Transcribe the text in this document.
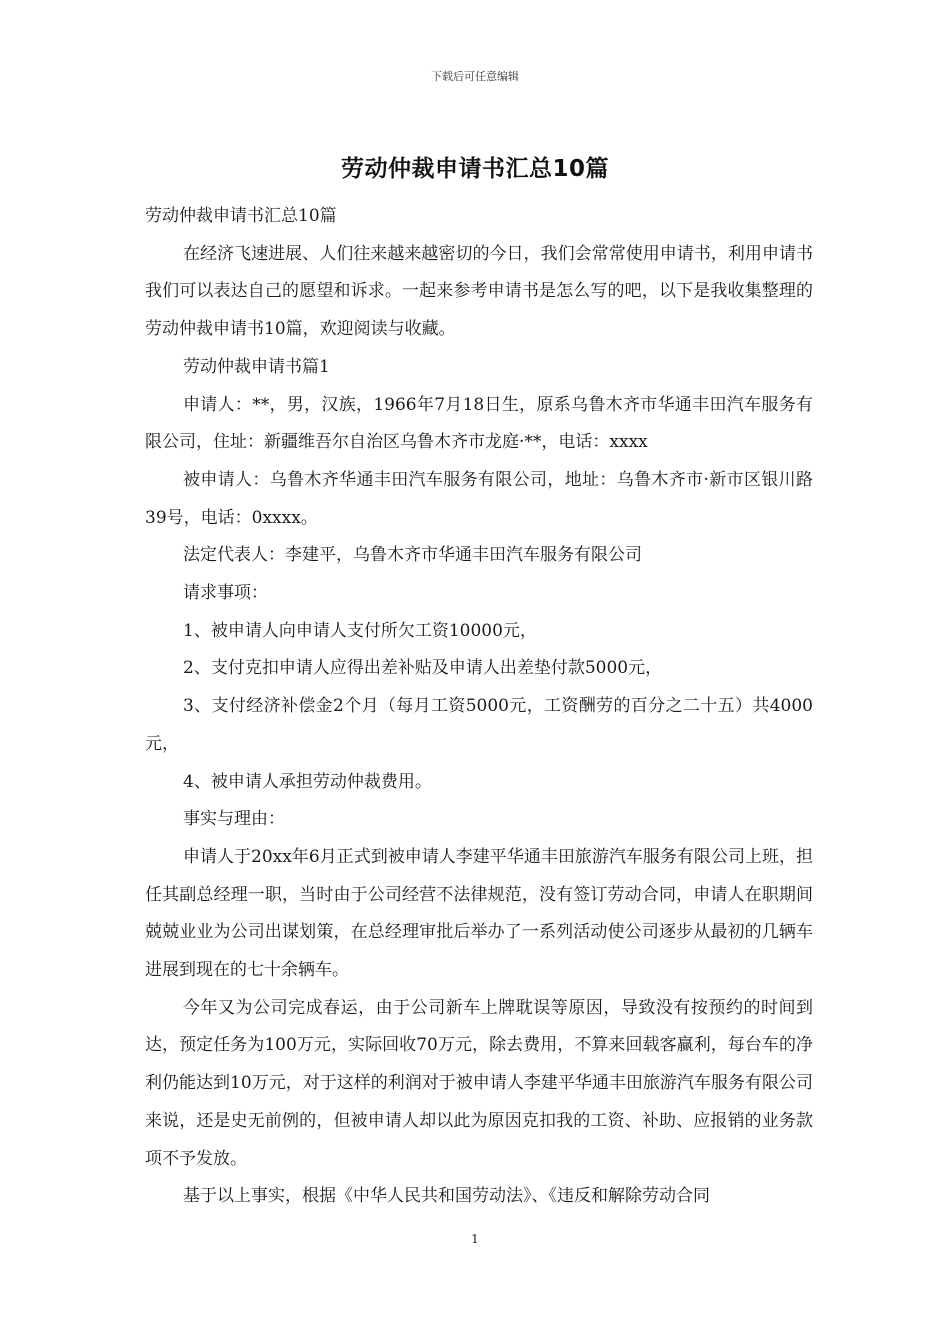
下载后可任意编辑
劳动仲裁申请书汇总10篇

劳动仲裁申请书汇总10篇

在经济飞速进展、人们往来越来越密切的今日，我们会常常使用申请书，利用申请书我们可以表达自己的愿望和诉求。一起来参考申请书是怎么写的吧，以下是我收集整理的劳动仲裁申请书10篇，欢迎阅读与收藏。

劳动仲裁申请书篇1

申请人：**，男，汉族，1966年7月18日生，原系乌鲁木齐市华通丰田汽车服务有限公司，住址：新疆维吾尔自治区乌鲁木齐市龙庭·**，电话：xxxx

被申请人：乌鲁木齐华通丰田汽车服务有限公司，地址：乌鲁木齐市·新市区银川路39号，电话：0xxxx。

法定代表人：李建平，乌鲁木齐市华通丰田汽车服务有限公司

请求事项：

1、被申请人向申请人支付所欠工资10000元，

2、支付克扣申请人应得出差补贴及申请人出差垫付款5000元，

3、支付经济补偿金2个月（每月工资5000元，工资酬劳的百分之二十五）共4000元，

4、被申请人承担劳动仲裁费用。

事实与理由：

申请人于20xx年6月正式到被申请人李建平华通丰田旅游汽车服务有限公司上班，担任其副总经理一职，当时由于公司经营不法律规范，没有签订劳动合同，申请人在职期间兢兢业业为公司出谋划策，在总经理审批后举办了一系列活动使公司逐步从最初的几辆车进展到现在的七十余辆车。

今年又为公司完成春运，由于公司新车上牌耽误等原因，导致没有按预约的时间到达，预定任务为100万元，实际回收70万元，除去费用，不算来回载客赢利，每台车的净利仍能达到10万元，对于这样的利润对于被申请人李建平华通丰田旅游汽车服务有限公司来说，还是史无前例的，但被申请人却以此为原因克扣我的工资、补助、应报销的业务款项不予发放。

基于以上事实，根据《中华人民共和国劳动法》、《违反和解除劳动合同

1
